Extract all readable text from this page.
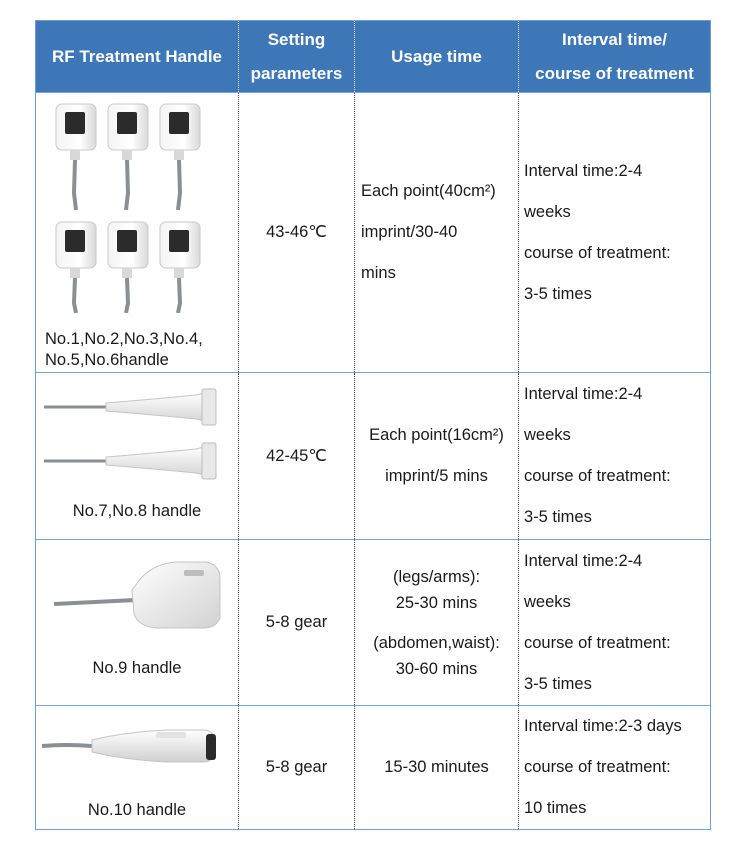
RF Treatment Handle
Setting
parameters
Usage time
Interval time/
course of treatment
No.1,No.2,No.3,No.4,
No.5,No.6handle

43-46℃

Each point(40cm²)

imprint/30-40

mins

Interval time:2-4

weeks

course of treatment:

3-5 times

No.7,No.8 handle

42-45℃

Each point(16cm²)

imprint/5 mins

Interval time:2-4

weeks

course of treatment:

3-5 times

No.9 handle

5-8 gear

(legs/arms):

25-30 mins

(abdomen,waist):

30-60 mins

Interval time:2-4

weeks

course of treatment:

3-5 times

No.10 handle

5-8 gear	15-30 minutes

Interval time:2-3 days

course of treatment:

10 times
